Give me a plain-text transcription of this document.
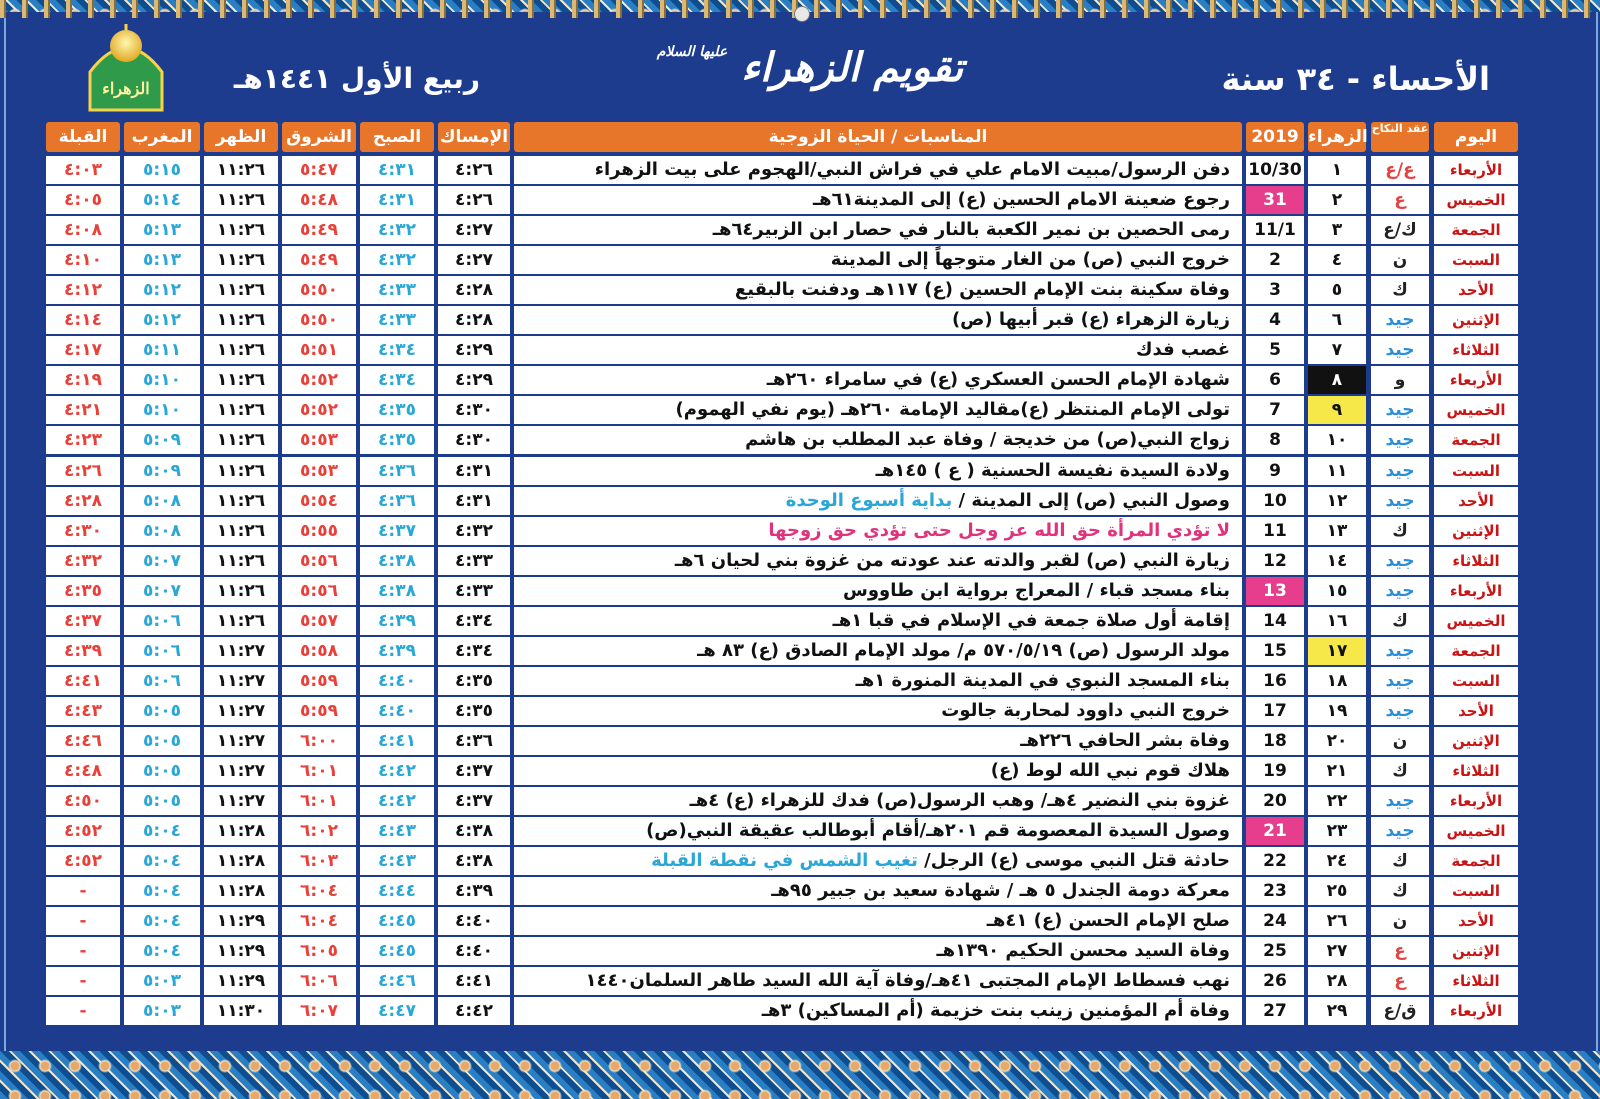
الأحساء - ٣٤ سنة
تقويم الزهراء $^{عليها السلام}$
ربيع الأول ١٤٤١هـ
الزهراء
اليوم
عقد النكاح
الزهراء
2019
المناسبات / الحياة الزوجية
الإمساك
الصبح
الشروق
الظهر
المغرب
القبلة
الأربعاء
ع/ع
١
10/30
دفن الرسول/مبيت الامام علي في فراش النبي/الهجوم على بيت الزهراء
٤:٢٦
٤:٣١
٥:٤٧
١١:٢٦
٥:١٥
٤:٠٣
الخميس
ع
٢
31
رجوع ضعينة الامام الحسين (ع) إلى المدينة٦١هـ
٤:٢٦
٤:٣١
٥:٤٨
١١:٢٦
٥:١٤
٤:٠٥
الجمعة
ك/ع
٣
11/1
رمى الحصين بن نمير الكعبة بالنار في حصار ابن الزبير٦٤هـ
٤:٢٧
٤:٣٢
٥:٤٩
١١:٢٦
٥:١٣
٤:٠٨
السبت
ن
٤
2
خروج النبي (ص) من الغار متوجهاً إلى المدينة
٤:٢٧
٤:٣٢
٥:٤٩
١١:٢٦
٥:١٣
٤:١٠
الأحد
ك
٥
3
وفاة سكينة بنت الإمام الحسين (ع) ١١٧هـ ودفنت بالبقيع
٤:٢٨
٤:٣٣
٥:٥٠
١١:٢٦
٥:١٢
٤:١٢
الإثنين
جيد
٦
4
زيارة الزهراء (ع) قبر أبيها (ص)
٤:٢٨
٤:٣٣
٥:٥٠
١١:٢٦
٥:١٢
٤:١٤
الثلاثاء
جيد
٧
5
غصب فدك
٤:٢٩
٤:٣٤
٥:٥١
١١:٢٦
٥:١١
٤:١٧
الأربعاء
و
٨
6
شهادة الإمام الحسن العسكري (ع) في سامراء ٢٦٠هـ
٤:٢٩
٤:٣٤
٥:٥٢
١١:٢٦
٥:١٠
٤:١٩
الخميس
جيد
٩
7
تولى الإمام المنتظر (ع)مقاليد الإمامة ٢٦٠هـ (يوم نفي الهموم)
٤:٣٠
٤:٣٥
٥:٥٢
١١:٢٦
٥:١٠
٤:٢١
الجمعة
جيد
١٠
8
زواج النبي(ص) من خديجة / وفاة عبد المطلب بن هاشم
٤:٣٠
٤:٣٥
٥:٥٣
١١:٢٦
٥:٠٩
٤:٢٣
السبت
جيد
١١
9
ولادة السيدة نفيسة الحسنية ( ع ) ١٤٥هـ
٤:٣١
٤:٣٦
٥:٥٣
١١:٢٦
٥:٠٩
٤:٢٦
الأحد
جيد
١٢
10
وصول النبي (ص) إلى المدينة / بداية أسبوع الوحدة
٤:٣١
٤:٣٦
٥:٥٤
١١:٢٦
٥:٠٨
٤:٢٨
الإثنين
ك
١٣
11
لا تؤدي المرأة حق الله عز وجل حتى تؤدي حق زوجها
٤:٣٢
٤:٣٧
٥:٥٥
١١:٢٦
٥:٠٨
٤:٣٠
الثلاثاء
جيد
١٤
12
زيارة النبي (ص) لقبر والدته عند عودته من غزوة بني لحيان ٦هـ
٤:٣٣
٤:٣٨
٥:٥٦
١١:٢٦
٥:٠٧
٤:٣٢
الأربعاء
جيد
١٥
13
بناء مسجد قباء / المعراج برواية ابن طاووس
٤:٣٣
٤:٣٨
٥:٥٦
١١:٢٦
٥:٠٧
٤:٣٥
الخميس
ك
١٦
14
إقامة أول صلاة جمعة في الإسلام في قبا ١هـ
٤:٣٤
٤:٣٩
٥:٥٧
١١:٢٦
٥:٠٦
٤:٣٧
الجمعة
جيد
١٧
15
مولد الرسول (ص) ٥٧٠/٥/١٩ م/ مولد الإمام الصادق (ع) ٨٣ هـ
٤:٣٤
٤:٣٩
٥:٥٨
١١:٢٧
٥:٠٦
٤:٣٩
السبت
جيد
١٨
16
بناء المسجد النبوي في المدينة المنورة ١هـ
٤:٣٥
٤:٤٠
٥:٥٩
١١:٢٧
٥:٠٦
٤:٤١
الأحد
جيد
١٩
17
خروج النبي داوود لمحاربة جالوت
٤:٣٥
٤:٤٠
٥:٥٩
١١:٢٧
٥:٠٥
٤:٤٣
الإثنين
ن
٢٠
18
وفاة بشر الحافي ٢٢٦هـ
٤:٣٦
٤:٤١
٦:٠٠
١١:٢٧
٥:٠٥
٤:٤٦
الثلاثاء
ك
٢١
19
هلاك قوم نبي الله لوط (ع)
٤:٣٧
٤:٤٢
٦:٠١
١١:٢٧
٥:٠٥
٤:٤٨
الأربعاء
جيد
٢٢
20
غزوة بني النضير ٤هـ/ وهب الرسول(ص) فدك للزهراء (ع) ٤هـ
٤:٣٧
٤:٤٢
٦:٠١
١١:٢٧
٥:٠٥
٤:٥٠
الخميس
جيد
٢٣
21
وصول السيدة المعصومة قم ٢٠١هـ/أقام أبوطالب عقيقة النبي(ص)
٤:٣٨
٤:٤٣
٦:٠٢
١١:٢٨
٥:٠٤
٤:٥٢
الجمعة
ك
٢٤
22
حادثة قتل النبي موسى (ع) الرجل/ تغيب الشمس في نقطة القبلة
٤:٣٨
٤:٤٣
٦:٠٣
١١:٢٨
٥:٠٤
٤:٥٢
السبت
ك
٢٥
23
معركة دومة الجندل ٥ هـ / شهادة سعيد بن جبير ٩٥هـ
٤:٣٩
٤:٤٤
٦:٠٤
١١:٢٨
٥:٠٤
-
الأحد
ن
٢٦
24
صلح الإمام الحسن (ع) ٤١هـ
٤:٤٠
٤:٤٥
٦:٠٤
١١:٢٩
٥:٠٤
-
الإثنين
ع
٢٧
25
وفاة السيد محسن الحكيم ١٣٩٠هـ
٤:٤٠
٤:٤٥
٦:٠٥
١١:٢٩
٥:٠٤
-
الثلاثاء
ع
٢٨
26
نهب فسطاط الإمام المجتبى ٤١هـ/وفاة آية الله السيد طاهر السلمان١٤٤٠
٤:٤١
٤:٤٦
٦:٠٦
١١:٢٩
٥:٠٣
-
الأربعاء
ق/ع
٢٩
27
وفاة أم المؤمنين زينب بنت خزيمة (أم المساكين) ٣هـ
٤:٤٢
٤:٤٧
٦:٠٧
١١:٣٠
٥:٠٣
-
